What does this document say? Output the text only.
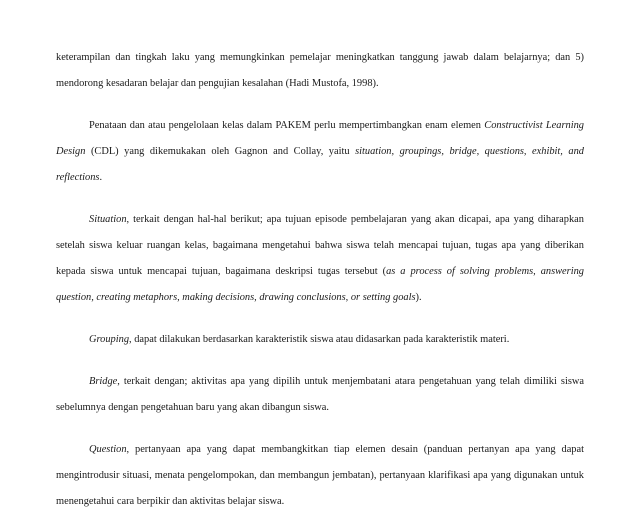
keterampilan dan tingkah laku yang memungkinkan pemelajar meningkatkan tanggung jawab dalam belajarnya; dan 5) mendorong kesadaran belajar dan pengujian kesalahan (Hadi Mustofa, 1998).

Penataan dan atau pengelolaan kelas dalam PAKEM perlu mempertimbangkan enam elemen Constructivist Learning Design (CDL) yang dikemukakan oleh Gagnon and Collay, yaitu situation, groupings, bridge, questions, exhibit, and reflections.

Situation, terkait dengan hal-hal berikut; apa tujuan episode pembelajaran yang akan dicapai, apa yang diharapkan setelah siswa keluar ruangan kelas, bagaimana mengetahui bahwa siswa telah mencapai tujuan, tugas apa yang diberikan kepada siswa untuk mencapai tujuan, bagaimana deskripsi tugas tersebut (as a process of solving problems, answering question, creating metaphors, making decisions, drawing conclusions, or setting goals).

Grouping, dapat dilakukan berdasarkan karakteristik siswa atau didasarkan pada karakteristik materi.

Bridge, terkait dengan; aktivitas apa yang dipilih untuk menjembatani atara pengetahuan yang telah dimiliki siswa sebelumnya dengan pengetahuan baru yang akan dibangun siswa.

Question, pertanyaan apa yang dapat membangkitkan tiap elemen desain (panduan pertanyan apa yang dapat mengintrodusir situasi, menata pengelompokan, dan membangun jembatan), pertanyaan klarifikasi apa yang digunakan untuk menengetahui cara berpikir dan aktivitas belajar siswa.
